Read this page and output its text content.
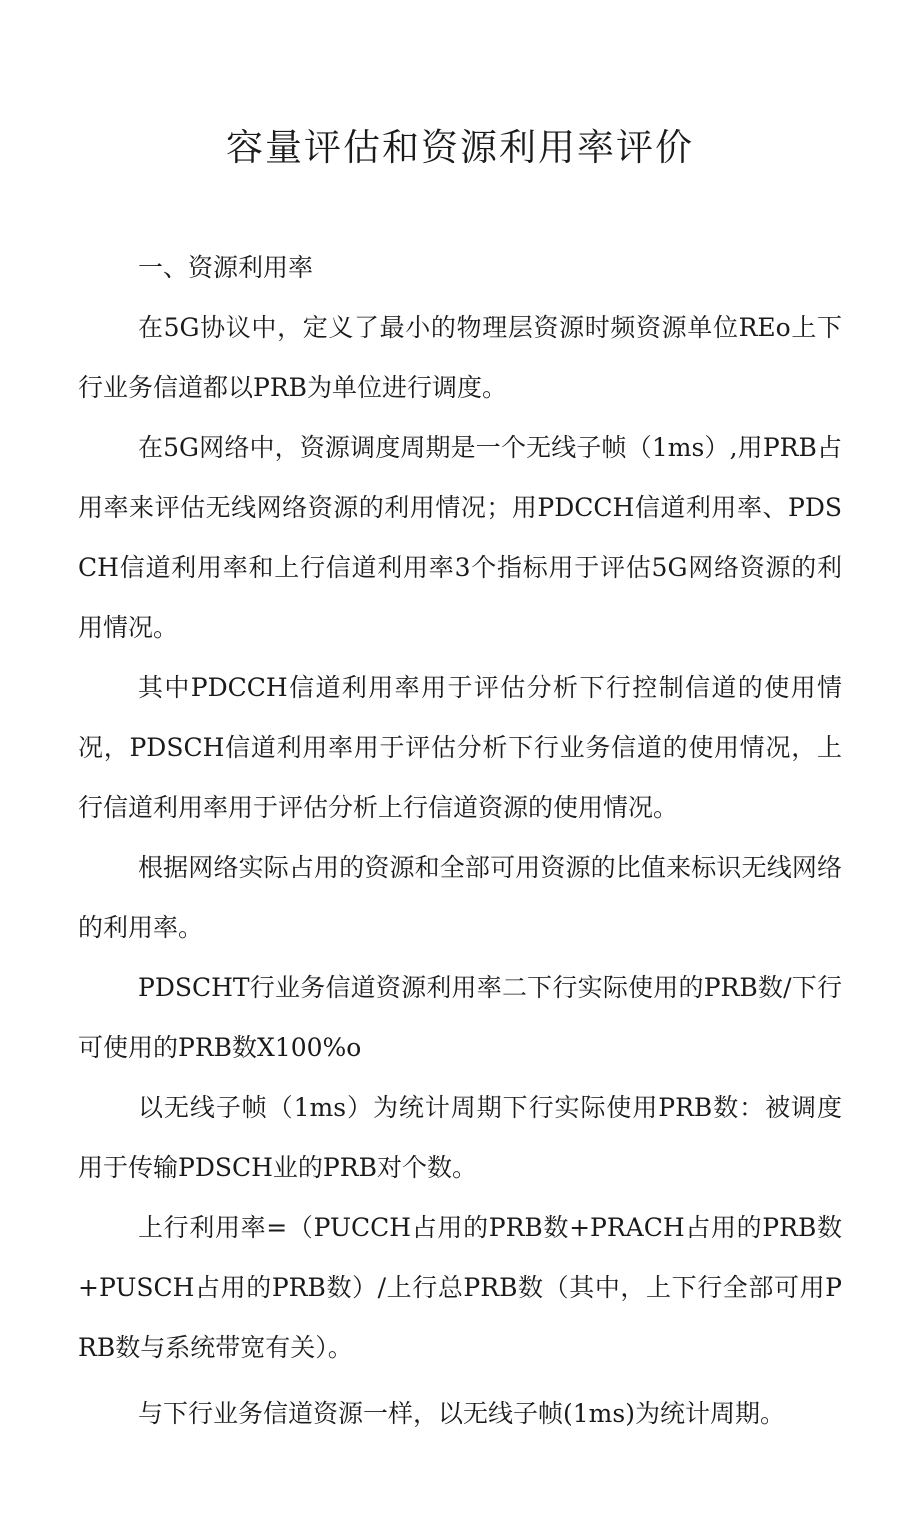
容量评估和资源利用率评价

一、资源利用率

在5G协议中，定义了最小的物理层资源时频资源单位REo上下行业务信道都以PRB为单位进行调度。

在5G网络中，资源调度周期是一个无线子帧（1ms）,用PRB占用率来评估无线网络资源的利用情况；用PDCCH信道利用率、PDSCH信道利用率和上行信道利用率3个指标用于评估5G网络资源的利用情况。

其中PDCCH信道利用率用于评估分析下行控制信道的使用情况，PDSCH信道利用率用于评估分析下行业务信道的使用情况，上行信道利用率用于评估分析上行信道资源的使用情况。

根据网络实际占用的资源和全部可用资源的比值来标识无线网络的利用率。

PDSCHT行业务信道资源利用率二下行实际使用的PRB数/下行可使用的PRB数X100%o

以无线子帧（1ms）为统计周期下行实际使用PRB数：被调度用于传输PDSCH业的PRB对个数。

上行利用率=（PUCCH占用的PRB数+PRACH占用的PRB数+PUSCH占用的PRB数）/上行总PRB数（其中，上下行全部可用PRB数与系统带宽有关）。

与下行业务信道资源一样，以无线子帧(1ms)为统计周期。
